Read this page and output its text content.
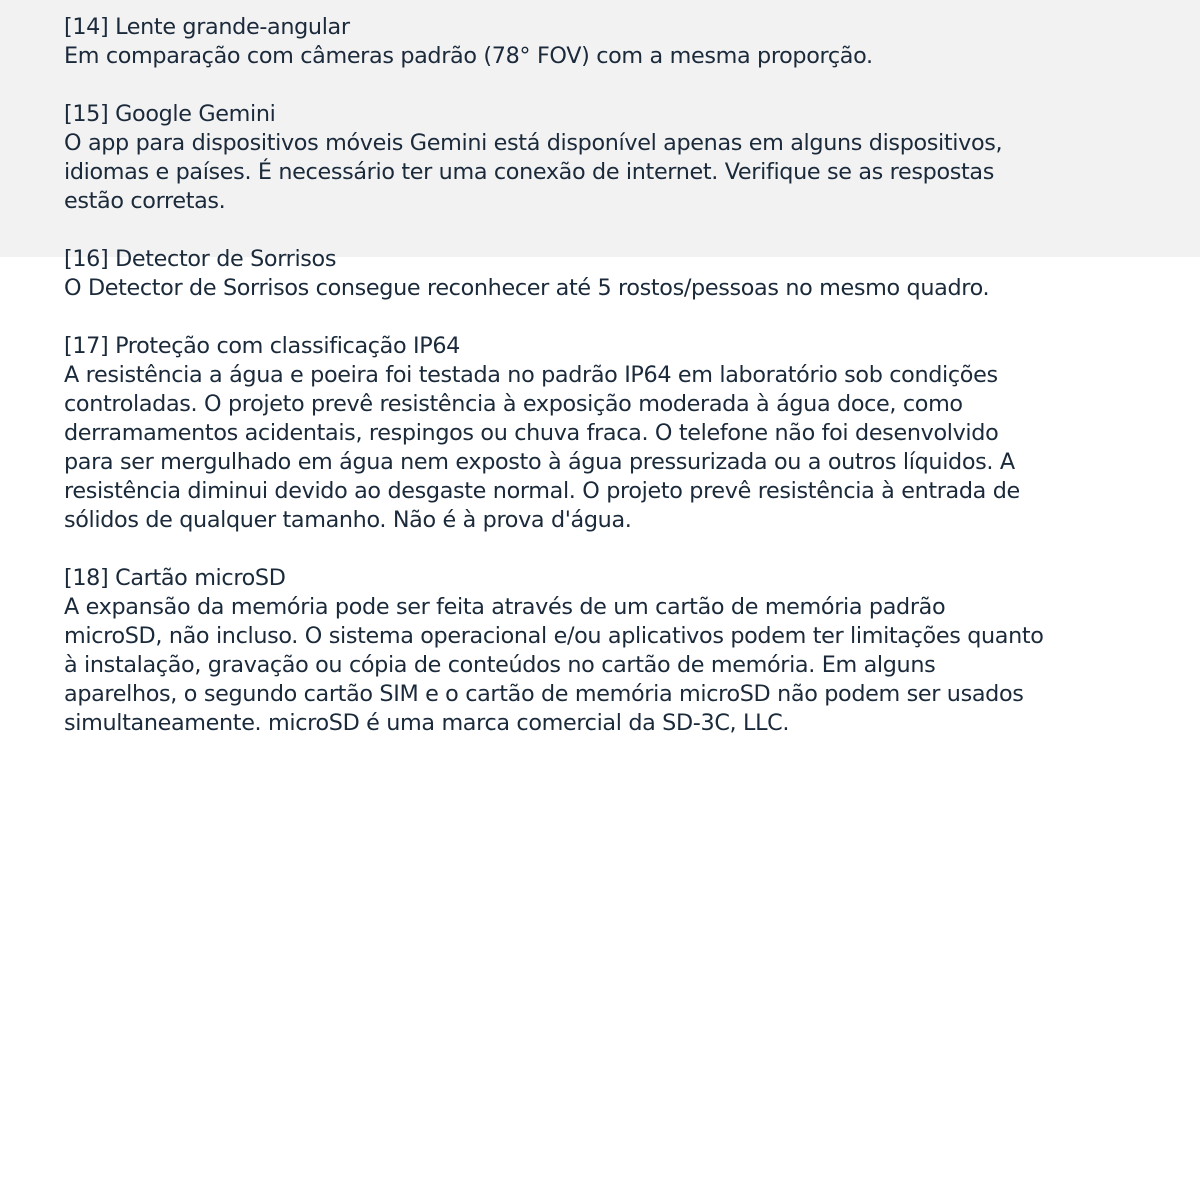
[14] Lente grande-angular

Em comparação com câmeras padrão (78° FOV) com a mesma proporção.

[15] Google Gemini

O app para dispositivos móveis Gemini está disponível apenas em alguns dispositivos,
idiomas e países. É necessário ter uma conexão de internet. Verifique se as respostas
estão corretas.

[16] Detector de Sorrisos

O Detector de Sorrisos consegue reconhecer até 5 rostos/pessoas no mesmo quadro.

[17] Proteção com classificação IP64

A resistência a água e poeira foi testada no padrão IP64 em laboratório sob condições
controladas. O projeto prevê resistência à exposição moderada à água doce, como
derramamentos acidentais, respingos ou chuva fraca. O telefone não foi desenvolvido
para ser mergulhado em água nem exposto à água pressurizada ou a outros líquidos. A
resistência diminui devido ao desgaste normal. O projeto prevê resistência à entrada de
sólidos de qualquer tamanho. Não é à prova d'água.

[18] Cartão microSD

A expansão da memória pode ser feita através de um cartão de memória padrão
microSD, não incluso. O sistema operacional e/ou aplicativos podem ter limitações quanto
à instalação, gravação ou cópia de conteúdos no cartão de memória. Em alguns
aparelhos, o segundo cartão SIM e o cartão de memória microSD não podem ser usados
simultaneamente. microSD é uma marca comercial da SD-3C, LLC.
